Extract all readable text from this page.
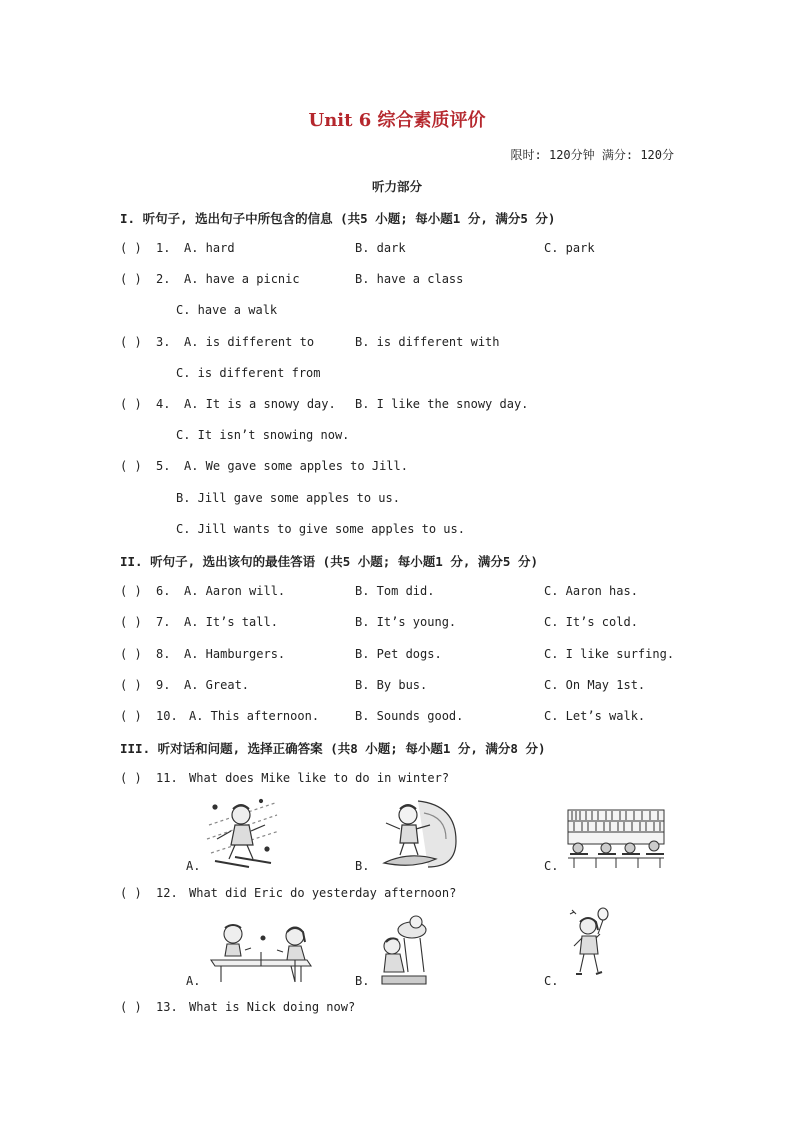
Unit 6 综合素质评价
限时: 120分钟 满分: 120分
听力部分
I. 听句子, 选出句子中所包含的信息 (共5 小题; 每小题1 分, 满分5 分)
( ) 1. A. hard	B. dark	C. park
( ) 2. A. have a picnic	B. have a class
C. have a walk
( ) 3. A. is different to	B. is different with
C. is different from
( ) 4. A. It is a snowy day. B. I like the snowy day.
C. It isn’t snowing now.
( ) 5. A. We gave some apples to Jill.
B. Jill gave some apples to us.
C. Jill wants to give some apples to us.
II. 听句子, 选出该句的最佳答语 (共5 小题; 每小题1 分, 满分5 分)
( ) 6. A. Aaron will.	B. Tom did.	C. Aaron has.
( ) 7. A. It’s tall.	B. It’s young.	C. It’s cold.
( ) 8. A. Hamburgers.	B. Pet dogs.	C. I like surfing.
( ) 9. A. Great.	B. By bus.	C. On May 1st.
( ) 10. A. This afternoon.	B. Sounds good.	C. Let’s walk.
III. 听对话和问题, 选择正确答案 (共8 小题; 每小题1 分, 满分8 分)
( ) 11. What does Mike like to do in winter?
A.	B.	C.
( ) 12. What did Eric do yesterday afternoon?
A.	B.	C.
( ) 13. What is Nick doing now?
